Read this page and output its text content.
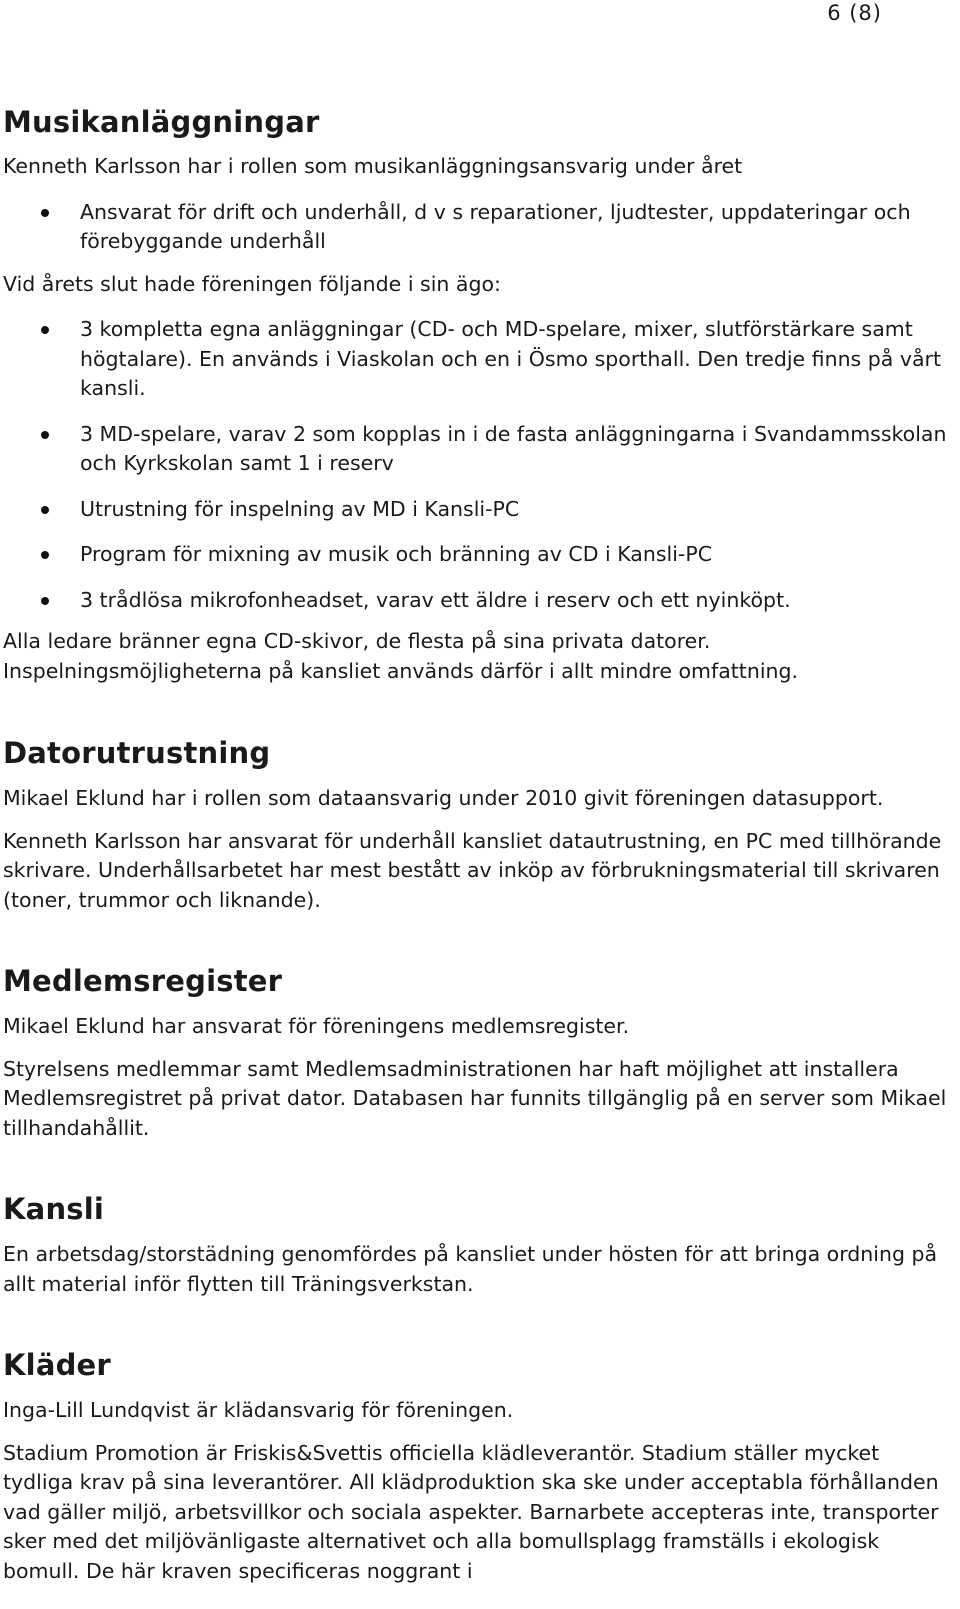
6 (8)
Musikanläggningar

Kenneth Karlsson har i rollen som musikanläggningsansvarig under året

Ansvarat för drift och underhåll, d v s reparationer, ljudtester, uppdateringar och förebyggande underhåll

Vid årets slut hade föreningen följande i sin ägo:

3 kompletta egna anläggningar (CD- och MD-spelare, mixer, slutförstärkare samt högtalare). En används i Viaskolan och en i Ösmo sporthall. Den tredje finns på vårt kansli.
3 MD-spelare, varav 2 som kopplas in i de fasta anläggningarna i Svandammsskolan och Kyrkskolan samt 1 i reserv
Utrustning för inspelning av MD i Kansli-PC
Program för mixning av musik och bränning av CD i Kansli-PC
3 trådlösa mikrofonheadset, varav ett äldre i reserv och ett nyinköpt.

Alla ledare bränner egna CD-skivor, de flesta på sina privata datorer. Inspelningsmöjligheterna på kansliet används därför i allt mindre omfattning.

Datorutrustning

Mikael Eklund har i rollen som dataansvarig under 2010 givit föreningen datasupport.

Kenneth Karlsson har ansvarat för underhåll kansliet datautrustning, en PC med tillhörande skrivare. Underhållsarbetet har mest bestått av inköp av förbrukningsmaterial till skrivaren (toner, trummor och liknande).

Medlemsregister

Mikael Eklund har ansvarat för föreningens medlemsregister.

Styrelsens medlemmar samt Medlemsadministrationen har haft möjlighet att installera Medlemsregistret på privat dator. Databasen har funnits tillgänglig på en server som Mikael tillhandahållit.

Kansli

En arbetsdag/storstädning genomfördes på kansliet under hösten för att bringa ordning på allt material inför flytten till Träningsverkstan.

Kläder

Inga-Lill Lundqvist är klädansvarig för föreningen.

Stadium Promotion är Friskis&Svettis officiella klädleverantör. Stadium ställer mycket tydliga krav på sina leverantörer. All klädproduktion ska ske under acceptabla förhållanden vad gäller miljö, arbetsvillkor och sociala aspekter. Barnarbete accepteras inte, transporter sker med det miljövänligaste alternativet och alla bomullsplagg framställs i ekologisk bomull. De här kraven specificeras noggrant i
